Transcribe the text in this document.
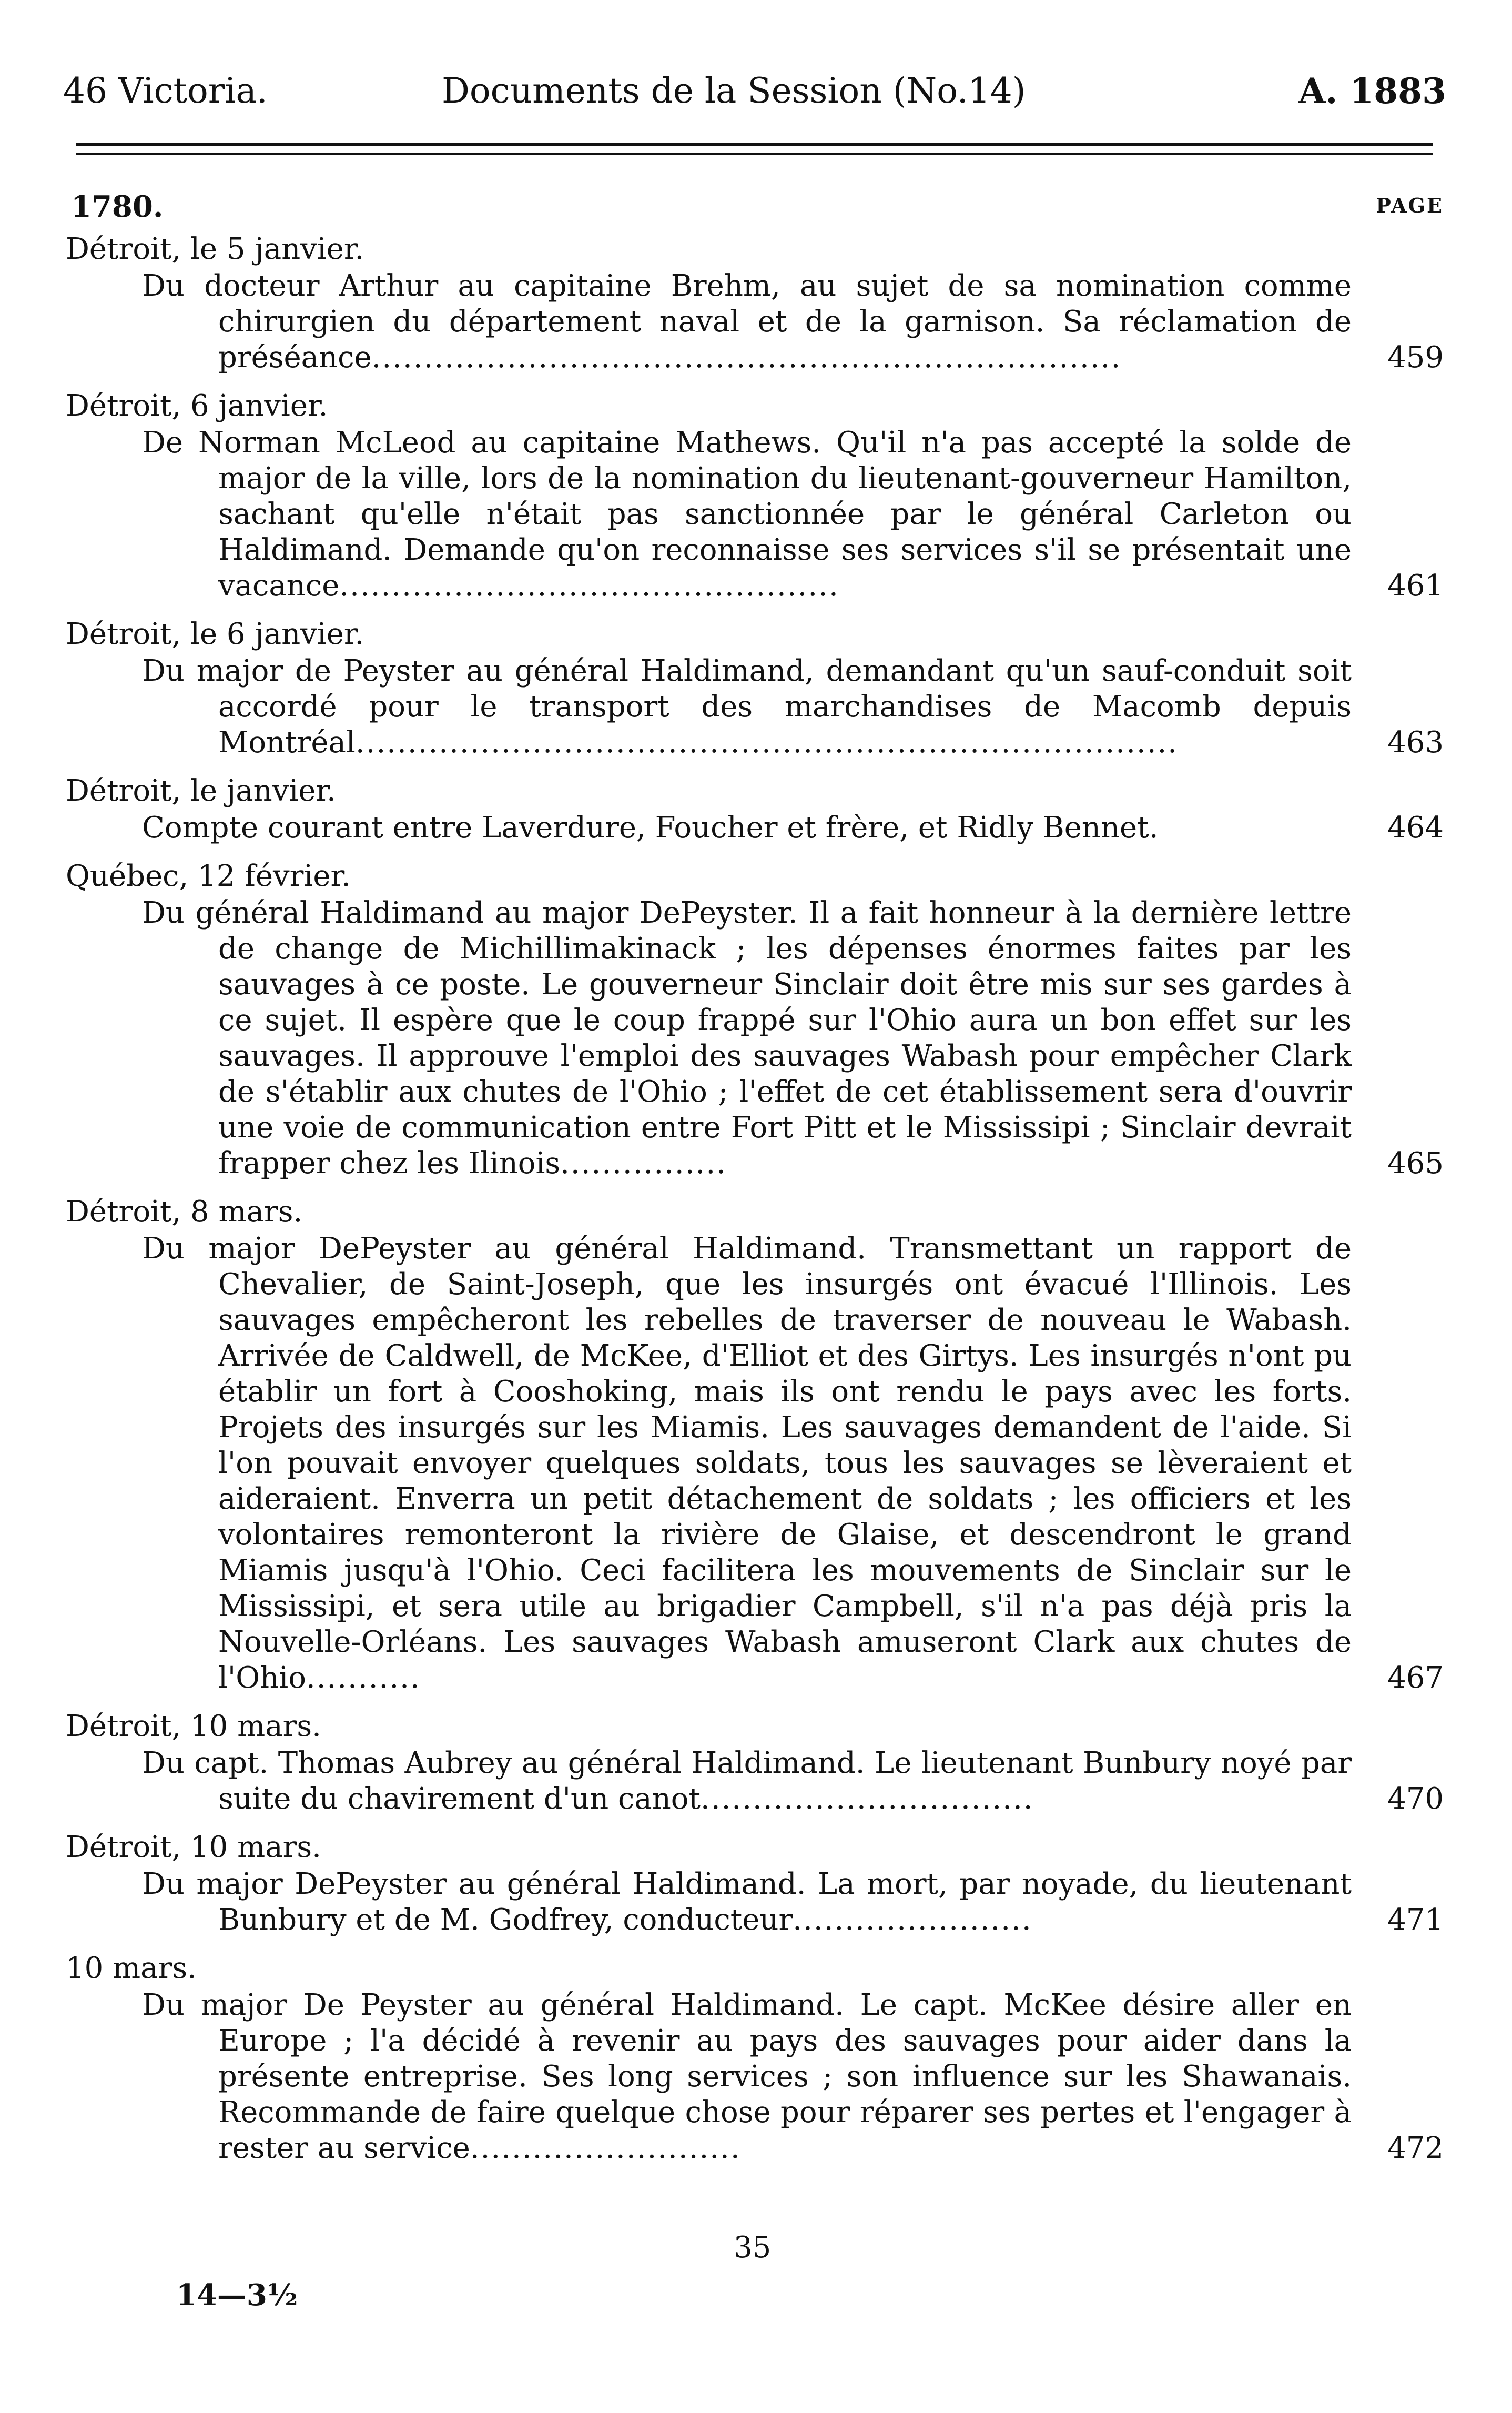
46 Victoria.	Documents de la Session (No.14)	A. 1883
1780.	PAGE
Détroit, le 5 janvier.
Du docteur Arthur au capitaine Brehm, au sujet de sa nomination comme chirurgien du département naval et de la garnison. Sa réclamation de préséance........................................................................	459
Détroit, 6 janvier.
De Norman McLeod au capitaine Mathews. Qu'il n'a pas accepté la solde de major de la ville, lors de la nomination du lieutenant-gouverneur Hamilton, sachant qu'elle n'était pas sanctionnée par le général Carleton ou Haldimand. Demande qu'on reconnaisse ses services s'il se présentait une vacance................................................	461
Détroit, le 6 janvier.
Du major de Peyster au général Haldimand, demandant qu'un sauf-conduit soit accordé pour le transport des marchandises de Macomb depuis Montréal...............................................................................	463
Détroit, le janvier.
Compte courant entre Laverdure, Foucher et frère, et Ridly Bennet.	464
Québec, 12 février.
Du général Haldimand au major DePeyster. Il a fait honneur à la dernière lettre de change de Michillimakinack ; les dépenses énormes faites par les sauvages à ce poste. Le gouverneur Sinclair doit être mis sur ses gardes à ce sujet. Il espère que le coup frappé sur l'Ohio aura un bon effet sur les sauvages. Il approuve l'emploi des sauvages Wabash pour empêcher Clark de s'établir aux chutes de l'Ohio ; l'effet de cet établissement sera d'ouvrir une voie de communication entre Fort Pitt et le Mississipi ; Sinclair devrait frapper chez les Ilinois................	465
Détroit, 8 mars.
Du major DePeyster au général Haldimand. Transmettant un rapport de Chevalier, de Saint-Joseph, que les insurgés ont évacué l'Illinois. Les sauvages empêcheront les rebelles de traverser de nouveau le Wabash. Arrivée de Caldwell, de McKee, d'Elliot et des Girtys. Les insurgés n'ont pu établir un fort à Cooshoking, mais ils ont rendu le pays avec les forts. Projets des insurgés sur les Miamis. Les sauvages demandent de l'aide. Si l'on pouvait envoyer quelques soldats, tous les sauvages se lèveraient et aideraient. Enverra un petit détachement de soldats ; les officiers et les volontaires remonteront la rivière de Glaise, et descendront le grand Miamis jusqu'à l'Ohio. Ceci facilitera les mouvements de Sinclair sur le Mississipi, et sera utile au brigadier Campbell, s'il n'a pas déjà pris la Nouvelle-Orléans. Les sauvages Wabash amuseront Clark aux chutes de l'Ohio...........	467
Détroit, 10 mars.
Du capt. Thomas Aubrey au général Haldimand. Le lieutenant Bunbury noyé par suite du chavirement d'un canot................................	470
Détroit, 10 mars.
Du major DePeyster au général Haldimand. La mort, par noyade, du lieutenant Bunbury et de M. Godfrey, conducteur.......................	471
10 mars.
Du major De Peyster au général Haldimand. Le capt. McKee désire aller en Europe ; l'a décidé à revenir au pays des sauvages pour aider dans la présente entreprise. Ses long services ; son influence sur les Shawanais. Recommande de faire quelque chose pour réparer ses pertes et l'engager à rester au service..........................	472
35
14—3½
